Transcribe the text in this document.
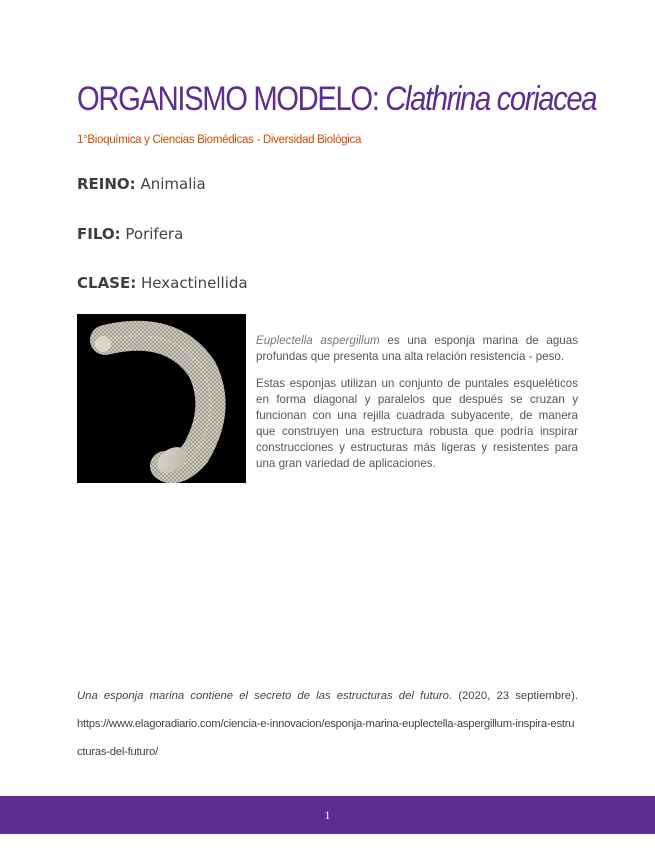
ORGANISMO MODELO: Clathrina coriacea
1°Bioquímica y Ciencias Biomédicas - Diversidad Biológica
REINO: Animalia
FILO: Porifera
CLASE: Hexactinellida

Euplectella aspergillum es una esponja marina de aguas profundas que presenta una alta relación resistencia - peso.

Estas esponjas utilizan un conjunto de puntales esqueléticos en forma diagonal y paralelos que después se cruzan y funcionan con una rejilla cuadrada subyacente, de manera que construyen una estructura robusta que podría inspirar construcciones y estructuras más ligeras y resistentes para una gran variedad de aplicaciones.

Una esponja marina contiene el secreto de las estructuras del futuro. (2020, 23 septiembre).
https://www.elagoradiario.com/ciencia-e-innovacion/esponja-marina-euplectella-aspergillum-inspira-estructuras-del-futuro/
1
